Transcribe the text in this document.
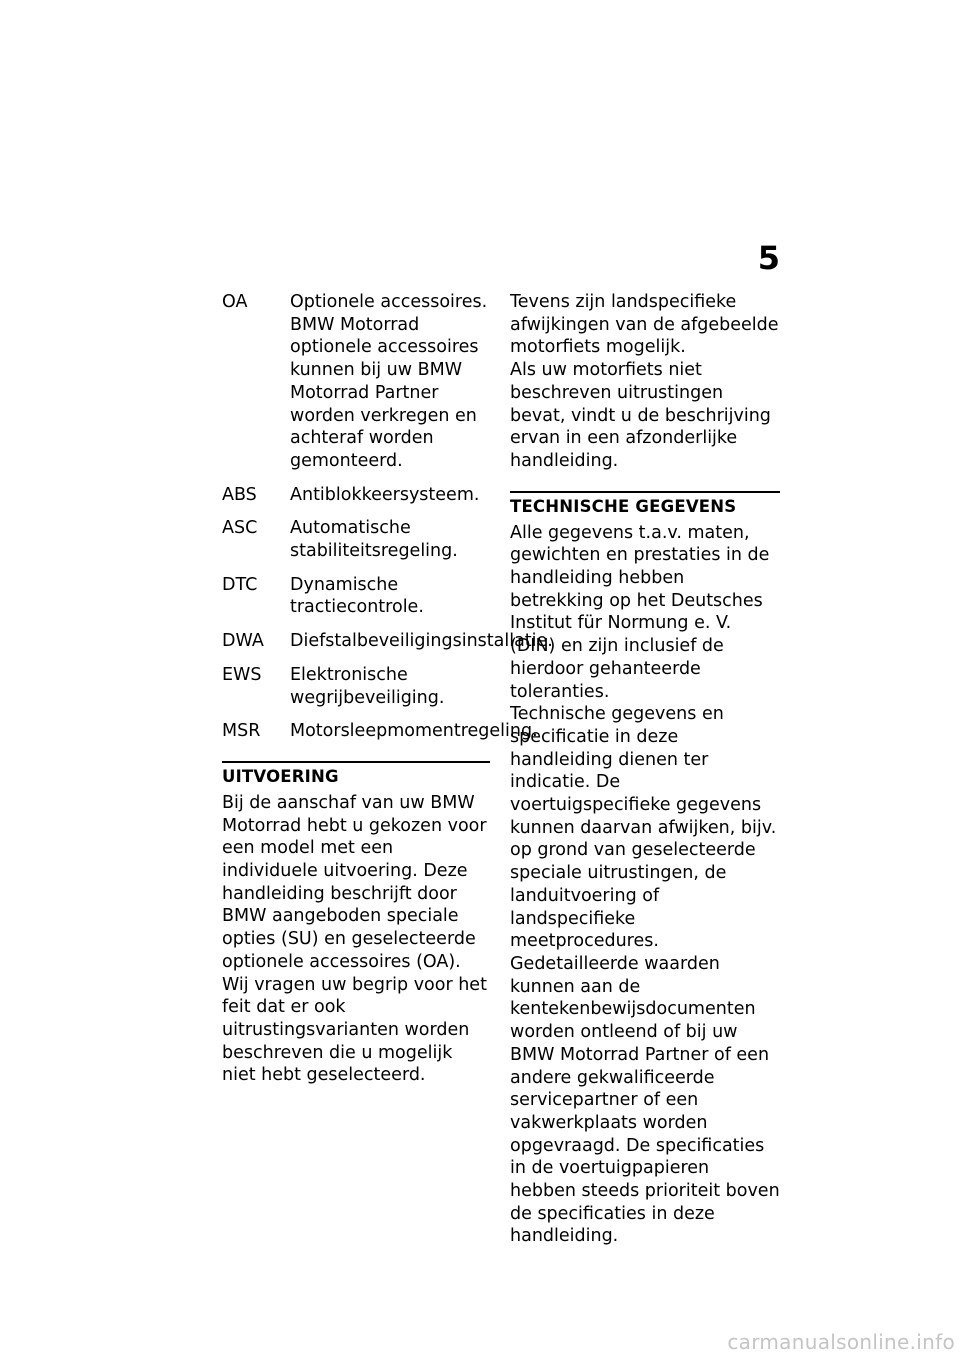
5
OA	Optionele accessoires. BMW Motorrad optionele accessoires kunnen bij uw BMW Motorrad Partner worden verkregen en achteraf worden gemonteerd.
ABS	Antiblokkeersysteem.
ASC	Automatische stabiliteitsregeling.
DTC	Dynamische tractiecontrole.
DWA	Diefstalbeveiligingsinstallatie.
EWS	Elektronische wegrijbeveiliging.
MSR	Motorsleepmomentregeling.
UITVOERING

Bij de aanschaf van uw BMW Motorrad hebt u gekozen voor een model met een individuele uitvoering. Deze handleiding beschrijft door BMW aangeboden speciale opties (SU) en geselecteerde optionele accessoires (OA). Wij vragen uw begrip voor het feit dat er ook uitrustingsvarianten worden beschreven die u mogelijk niet hebt geselecteerd.

Tevens zijn landspecifieke afwijkingen van de afgebeelde motorfiets mogelijk.

Als uw motorfiets niet beschreven uitrustingen bevat, vindt u de beschrijving ervan in een afzonderlijke handleiding.

TECHNISCHE GEGEVENS

Alle gegevens t.a.v. maten, gewichten en prestaties in de handleiding hebben betrekking op het Deutsches Institut für Normung e. V. (DIN) en zijn inclusief de hierdoor gehanteerde toleranties.

Technische gegevens en specificatie in deze handleiding dienen ter indicatie. De voertuigspecifieke gegevens kunnen daarvan afwijken, bijv. op grond van geselecteerde speciale uitrustingen, de landuitvoering of landspecifieke meetprocedures. Gedetailleerde waarden kunnen aan de kentekenbewijsdocumenten worden ontleend of bij uw BMW Motorrad Partner of een andere gekwalificeerde servicepartner of een vakwerkplaats worden opgevraagd. De specificaties in de voertuigpapieren hebben steeds prioriteit boven de specificaties in deze handleiding.

carmanualsonline.info
